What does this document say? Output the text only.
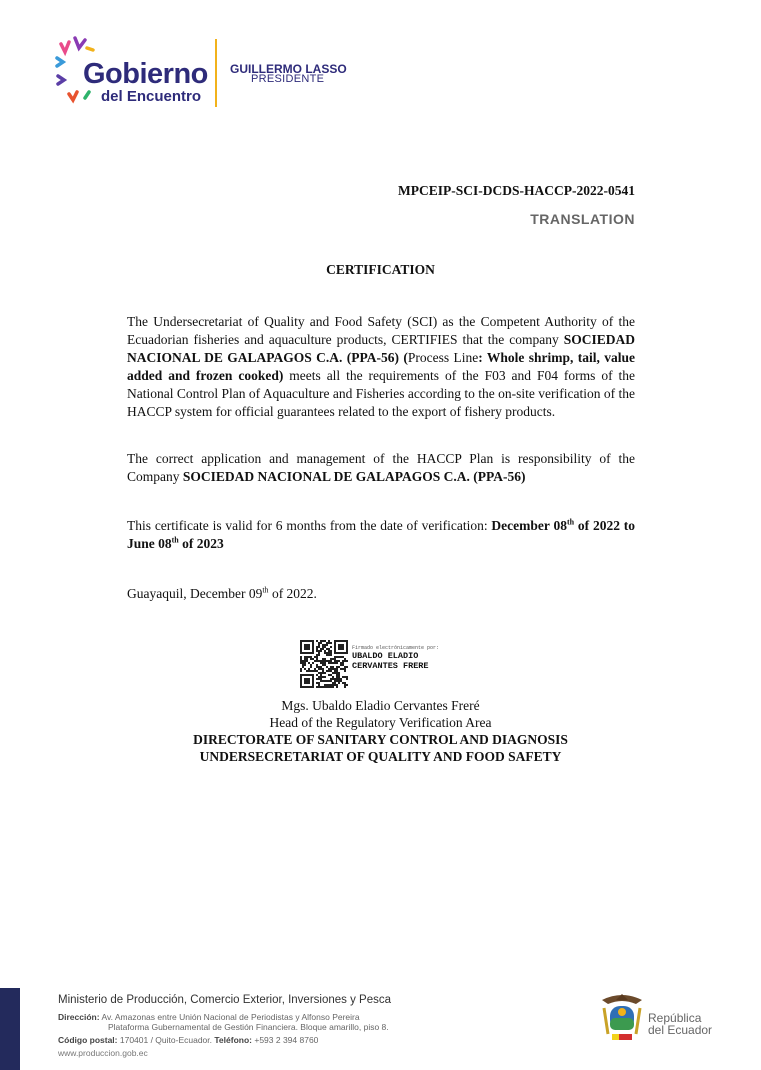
Gobierno
del Encuentro
GUILLERMO LASSO
PRESIDENTE
MPCEIP-SCI-DCDS-HACCP-2022-0541
TRANSLATION
CERTIFICATION
The Undersecretariat of Quality and Food Safety (SCI) as the Competent Authority of the Ecuadorian fisheries and aquaculture products, CERTIFIES that the company SOCIEDAD NACIONAL DE GALAPAGOS C.A. (PPA-56) (Process Line: Whole shrimp, tail, value added and frozen cooked) meets all the requirements of the F03 and F04 forms of the National Control Plan of Aquaculture and Fisheries according to the on-site verification of the HACCP system for official guarantees related to the export of fishery products.
The correct application and management of the HACCP Plan is responsibility of the Company SOCIEDAD NACIONAL DE GALAPAGOS C.A. (PPA-56)
This certificate is valid for 6 months from the date of verification: December 08th of 2022 to June 08th of 2023
Guayaquil, December 09th of 2022.
Firmado electrónicamente por:
UBALDO ELADIO
CERVANTES FRERE
Mgs. Ubaldo Eladio Cervantes Freré
Head of the Regulatory Verification Area
DIRECTORATE OF SANITARY CONTROL AND DIAGNOSIS
UNDERSECRETARIAT OF QUALITY AND FOOD SAFETY
Ministerio de Producción, Comercio Exterior, Inversiones y Pesca
Dirección: Av. Amazonas entre Unión Nacional de Periodistas y Alfonso Pereira
Plataforma Gubernamental de Gestión Financiera. Bloque amarillo, piso 8.
Código postal: 170401 / Quito-Ecuador. Teléfono: +593 2 394 8760
www.produccion.gob.ec
República
del Ecuador
